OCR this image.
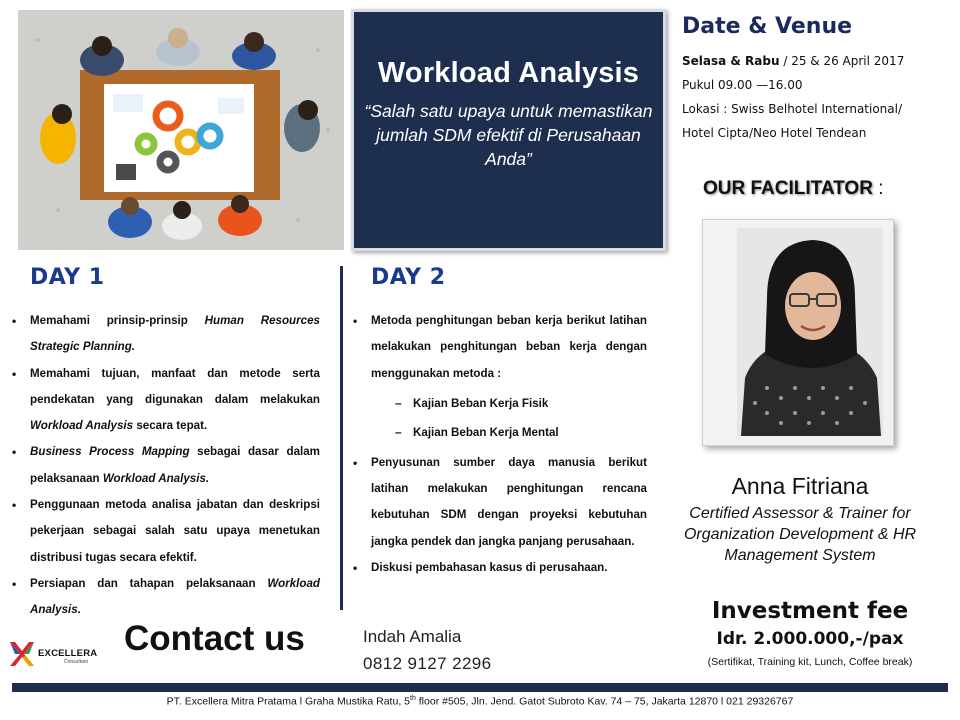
Workload Analysis
“Salah satu upaya untuk memastikan jumlah SDM efektif di Perusahaan Anda”
Date & Venue
Selasa & Rabu / 25 & 26 April 2017
Pukul 09.00 —16.00
Lokasi : Swiss Belhotel International/
Hotel Cipta/Neo Hotel Tendean
OUR FACILITATOR :
Anna Fitriana
Certified Assessor & Trainer for Organization Development & HR Management System
DAY 1	DAY 2
• Memahami prinsip-prinsip Human Resources Strategic Planning.
• Memahami tujuan, manfaat dan metode serta pendekatan yang digunakan dalam melakukan Workload Analysis secara tepat.
• Business Process Mapping sebagai dasar dalam pelaksanaan Workload Analysis.
• Penggunaan metoda analisa jabatan dan deskripsi pekerjaan sebagai salah satu upaya menetukan distribusi tugas secara efektif.
• Persiapan dan tahapan pelaksanaan Workload Analysis.
• Metoda penghitungan beban kerja berikut latihan melakukan penghitungan beban kerja dengan menggunakan metoda :
– Kajian Beban Kerja Fisik
– Kajian Beban Kerja Mental
• Penyusunan sumber daya manusia berikut latihan melakukan penghitungan rencana kebutuhan SDM dengan proyeksi kebutuhan jangka pendek dan jangka panjang perusahaan.
• Diskusi pembahasan kasus di perusahaan.
EXCELLERA
Consultant
Contact us	Indah Amalia
0812 9127 2296
Investment fee
Idr. 2.000.000,-/pax
(Sertifikat, Training kit, Lunch, Coffee break)
PT. Excellera Mitra Pratama l Graha Mustika Ratu, 5th floor #505, Jln. Jend. Gatot Subroto Kav. 74 – 75, Jakarta 12870 l 021 29326767
